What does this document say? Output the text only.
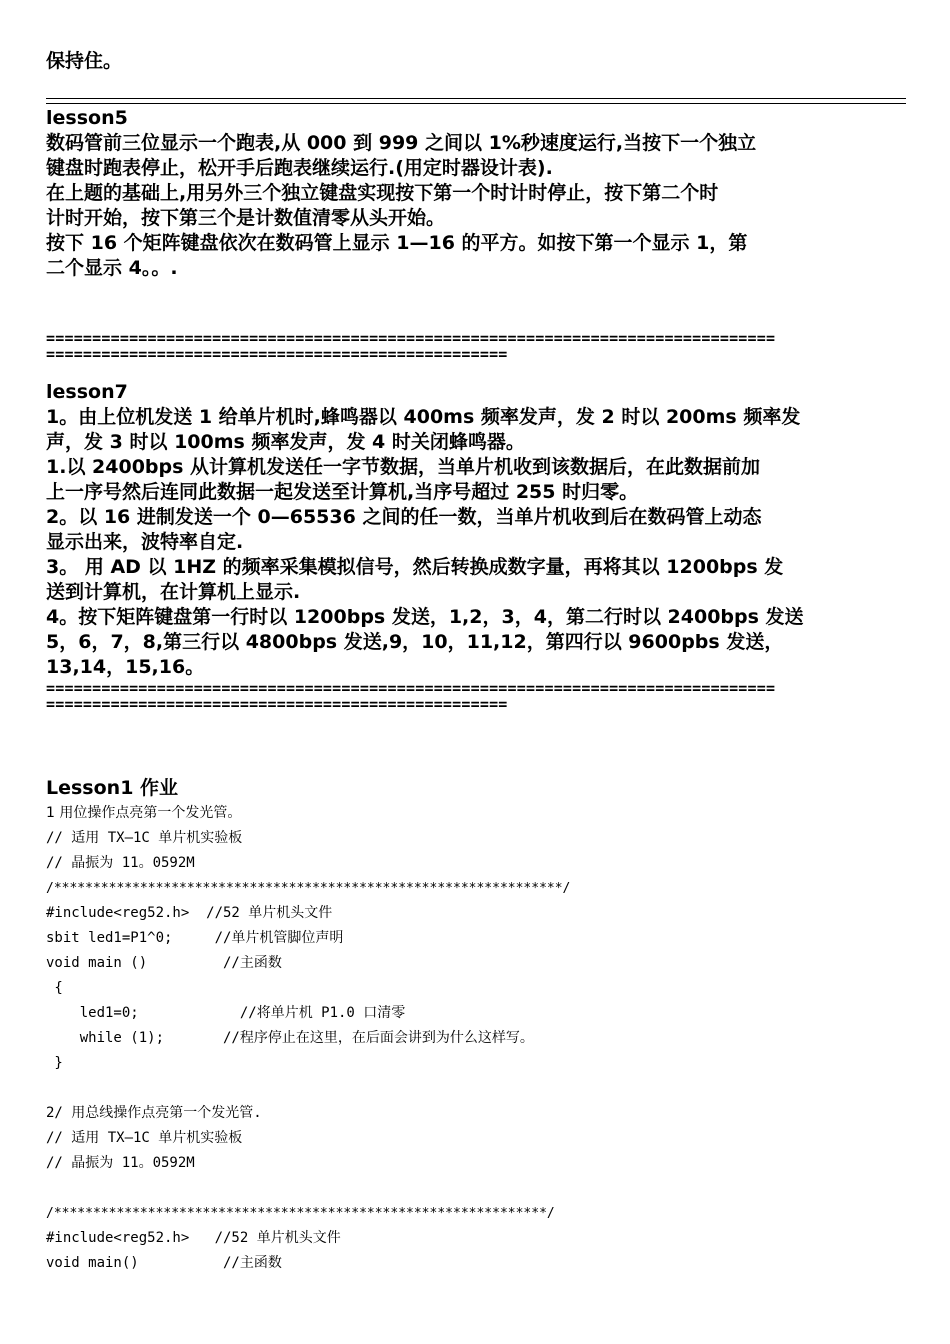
保持住。

lesson5

数码管前三位显示一个跑表,从 000 到 999 之间以 1%秒速度运行,当按下一个独立

键盘时跑表停止，松开手后跑表继续运行.(用定时器设计表).

在上题的基础上,用另外三个独立键盘实现按下第一个时计时停止，按下第二个时

计时开始，按下第三个是计数值清零从头开始。

按下 16 个矩阵键盘依次在数码管上显示 1—16 的平方。如按下第一个显示 1，第

二个显示 4。。.

===============================================================================
==================================================

lesson7

1。由上位机发送 1 给单片机时,蜂鸣器以 400ms 频率发声，发 2 时以 200ms 频率发

声，发 3 时以 100ms 频率发声，发 4 时关闭蜂鸣器。

1.以 2400bps 从计算机发送任一字节数据，当单片机收到该数据后，在此数据前加

上一序号然后连同此数据一起发送至计算机,当序号超过 255 时归零。

2。以 16 进制发送一个 0—65536 之间的任一数，当单片机收到后在数码管上动态

显示出来，波特率自定.

3。 用 AD 以 1HZ 的频率采集模拟信号，然后转换成数字量，再将其以 1200bps 发

送到计算机，在计算机上显示.

4。按下矩阵键盘第一行时以 1200bps 发送，1,2，3，4，第二行时以 2400bps 发送

5，6，7，8,第三行以 4800bps 发送,9，10，11,12，第四行以 9600pbs 发送，

13,14，15,16。

===============================================================================
==================================================

Lesson1 作业

1 用位操作点亮第一个发光管。

// 适用 TX—1C 单片机实验板

// 晶振为 11。0592M

/*****************************************************************/

#include<reg52.h>  //52 单片机头文件

sbit led1=P1^0;     //单片机管脚位声明

void main ()         //主函数

{

led1=0;            //将单片机 P1.0 口清零

while (1);       //程序停止在这里，在后面会讲到为什么这样写。

}

2/ 用总线操作点亮第一个发光管.

// 适用 TX—1C 单片机实验板

// 晶振为 11。0592M

/***************************************************************/

#include<reg52.h>   //52 单片机头文件

void main()          //主函数
